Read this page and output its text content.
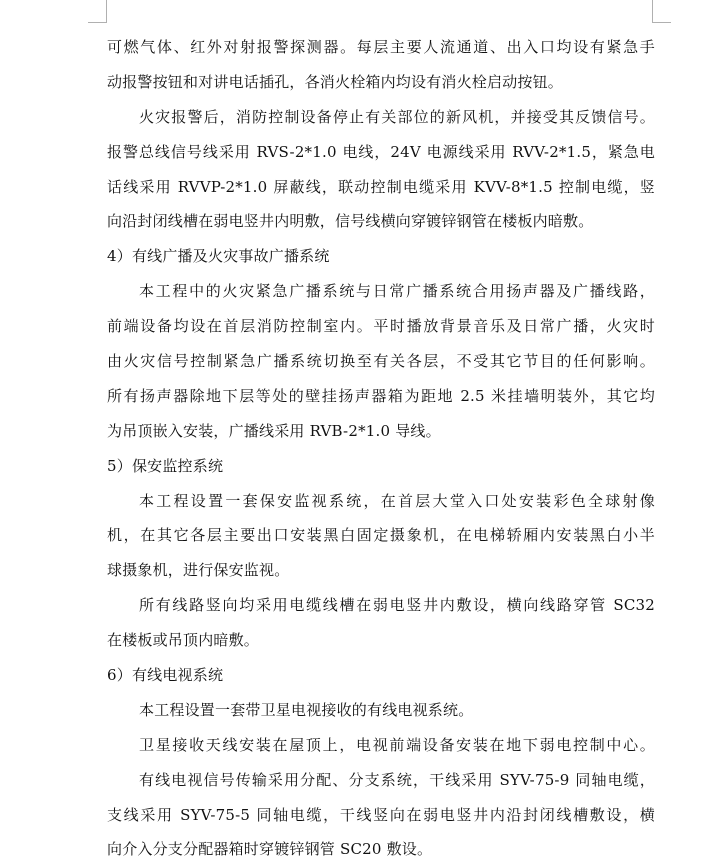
可燃气体、红外对射报警探测器。每层主要人流通道、出入口均设有紧急手
动报警按钮和对讲电话插孔，各消火栓箱内均设有消火栓启动按钮。
火灾报警后，消防控制设备停止有关部位的新风机，并接受其反馈信号。
报警总线信号线采用 RVS-2*1.0 电线，24V 电源线采用 RVV-2*1.5，紧急电
话线采用 RVVP-2*1.0 屏蔽线，联动控制电缆采用 KVV-8*1.5 控制电缆，竖
向沿封闭线槽在弱电竖井内明敷，信号线横向穿镀锌钢管在楼板内暗敷。
4）有线广播及火灾事故广播系统
本工程中的火灾紧急广播系统与日常广播系统合用扬声器及广播线路，
前端设备均设在首层消防控制室内。平时播放背景音乐及日常广播，火灾时
由火灾信号控制紧急广播系统切换至有关各层，不受其它节目的任何影响。
所有扬声器除地下层等处的壁挂扬声器箱为距地 2.5 米挂墙明装外，其它均
为吊顶嵌入安装，广播线采用 RVB-2*1.0 导线。
5）保安监控系统
本工程设置一套保安监视系统，在首层大堂入口处安装彩色全球射像
机，在其它各层主要出口安装黑白固定摄象机，在电梯轿厢内安装黑白小半
球摄象机，进行保安监视。
所有线路竖向均采用电缆线槽在弱电竖井内敷设，横向线路穿管 SC32
在楼板或吊顶内暗敷。
6）有线电视系统
本工程设置一套带卫星电视接收的有线电视系统。
卫星接收天线安装在屋顶上，电视前端设备安装在地下弱电控制中心。
有线电视信号传输采用分配、分支系统，干线采用 SYV-75-9 同轴电缆，
支线采用 SYV-75-5 同轴电缆，干线竖向在弱电竖井内沿封闭线槽敷设，横
向介入分支分配器箱时穿镀锌钢管 SC20 敷设。
